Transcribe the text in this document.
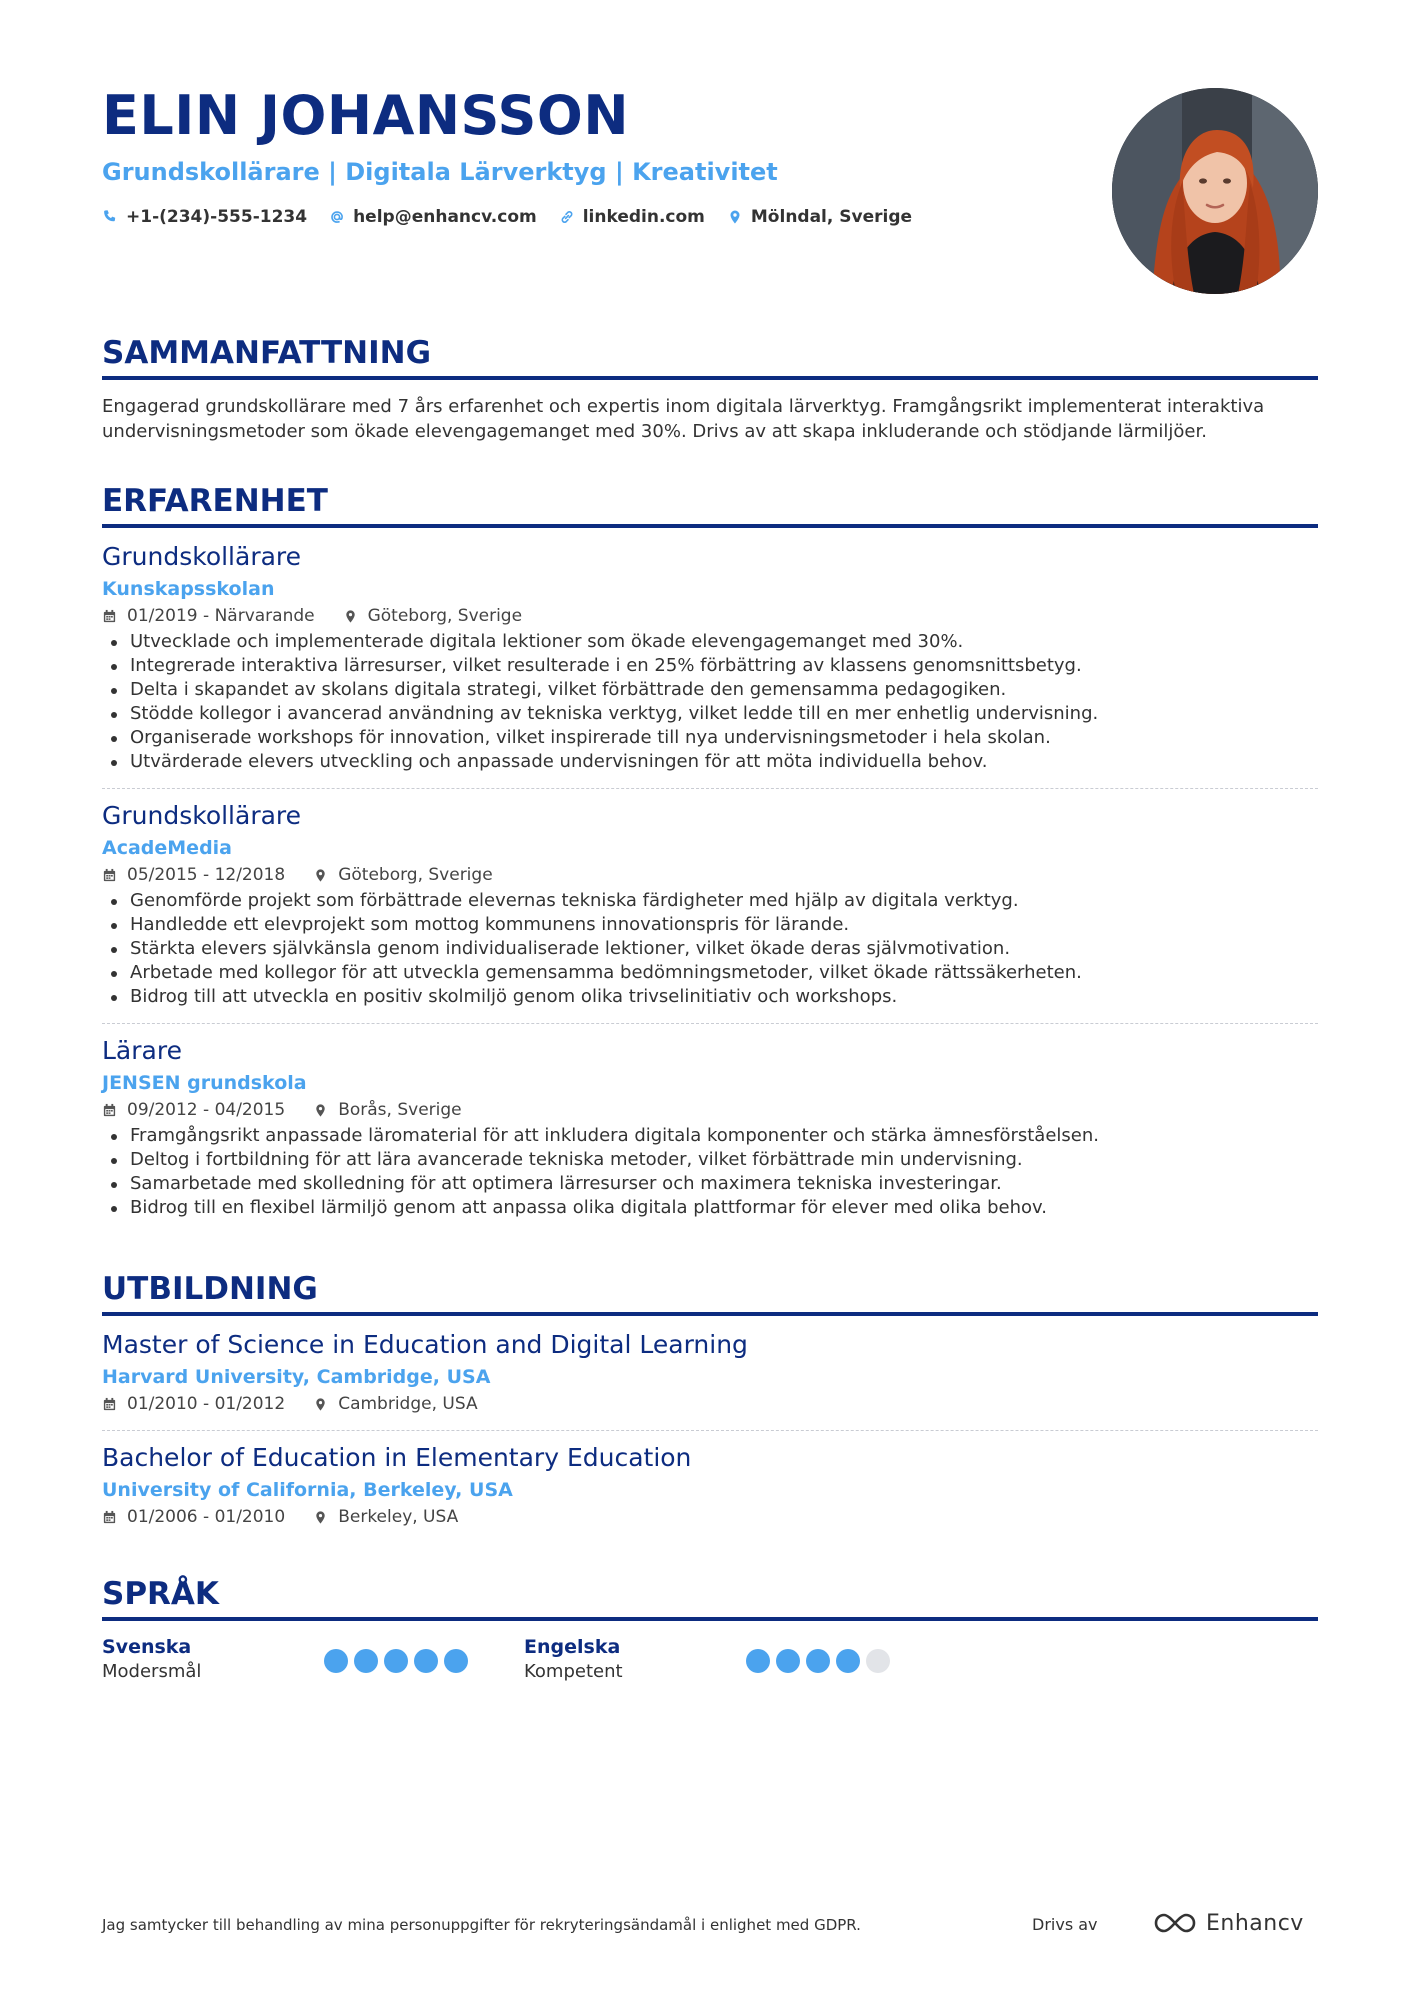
ELIN JOHANSSON
Grundskollärare | Digitala Lärverktyg | Kreativitet
+1-(234)-555-1234	help@enhancv.com	linkedin.com	Mölndal, Sverige
SAMMANFATTNING

Engagerad grundskollärare med 7 års erfarenhet och expertis inom digitala lärverktyg. Framgångsrikt implementerat interaktiva undervisningsmetoder som ökade elevengagemanget med 30%. Drivs av att skapa inkluderande och stödjande lärmiljöer.

ERFARENHET
Grundskollärare
Kunskapsskolan
01/2019 - Närvarande	Göteborg, Sverige
Utvecklade och implementerade digitala lektioner som ökade elevengagemanget med 30%.
Integrerade interaktiva lärresurser, vilket resulterade i en 25% förbättring av klassens genomsnittsbetyg.
Delta i skapandet av skolans digitala strategi, vilket förbättrade den gemensamma pedagogiken.
Stödde kollegor i avancerad användning av tekniska verktyg, vilket ledde till en mer enhetlig undervisning.
Organiserade workshops för innovation, vilket inspirerade till nya undervisningsmetoder i hela skolan.
Utvärderade elevers utveckling och anpassade undervisningen för att möta individuella behov.
Grundskollärare
AcadeMedia
05/2015 - 12/2018	Göteborg, Sverige
Genomförde projekt som förbättrade elevernas tekniska färdigheter med hjälp av digitala verktyg.
Handledde ett elevprojekt som mottog kommunens innovationspris för lärande.
Stärkta elevers självkänsla genom individualiserade lektioner, vilket ökade deras självmotivation.
Arbetade med kollegor för att utveckla gemensamma bedömningsmetoder, vilket ökade rättssäkerheten.
Bidrog till att utveckla en positiv skolmiljö genom olika trivselinitiativ och workshops.
Lärare
JENSEN grundskola
09/2012 - 04/2015	Borås, Sverige
Framgångsrikt anpassade läromaterial för att inkludera digitala komponenter och stärka ämnesförståelsen.
Deltog i fortbildning för att lära avancerade tekniska metoder, vilket förbättrade min undervisning.
Samarbetade med skolledning för att optimera lärresurser och maximera tekniska investeringar.
Bidrog till en flexibel lärmiljö genom att anpassa olika digitala plattformar för elever med olika behov.
UTBILDNING
Master of Science in Education and Digital Learning
Harvard University, Cambridge, USA
01/2010 - 01/2012	Cambridge, USA
Bachelor of Education in Elementary Education
University of California, Berkeley, USA
01/2006 - 01/2010	Berkeley, USA
SPRÅK
Svenska
Modersmål
Engelska
Kompetent
Jag samtycker till behandling av mina personuppgifter för rekryteringsändamål i enlighet med GDPR.	Drivs av	Enhancv
